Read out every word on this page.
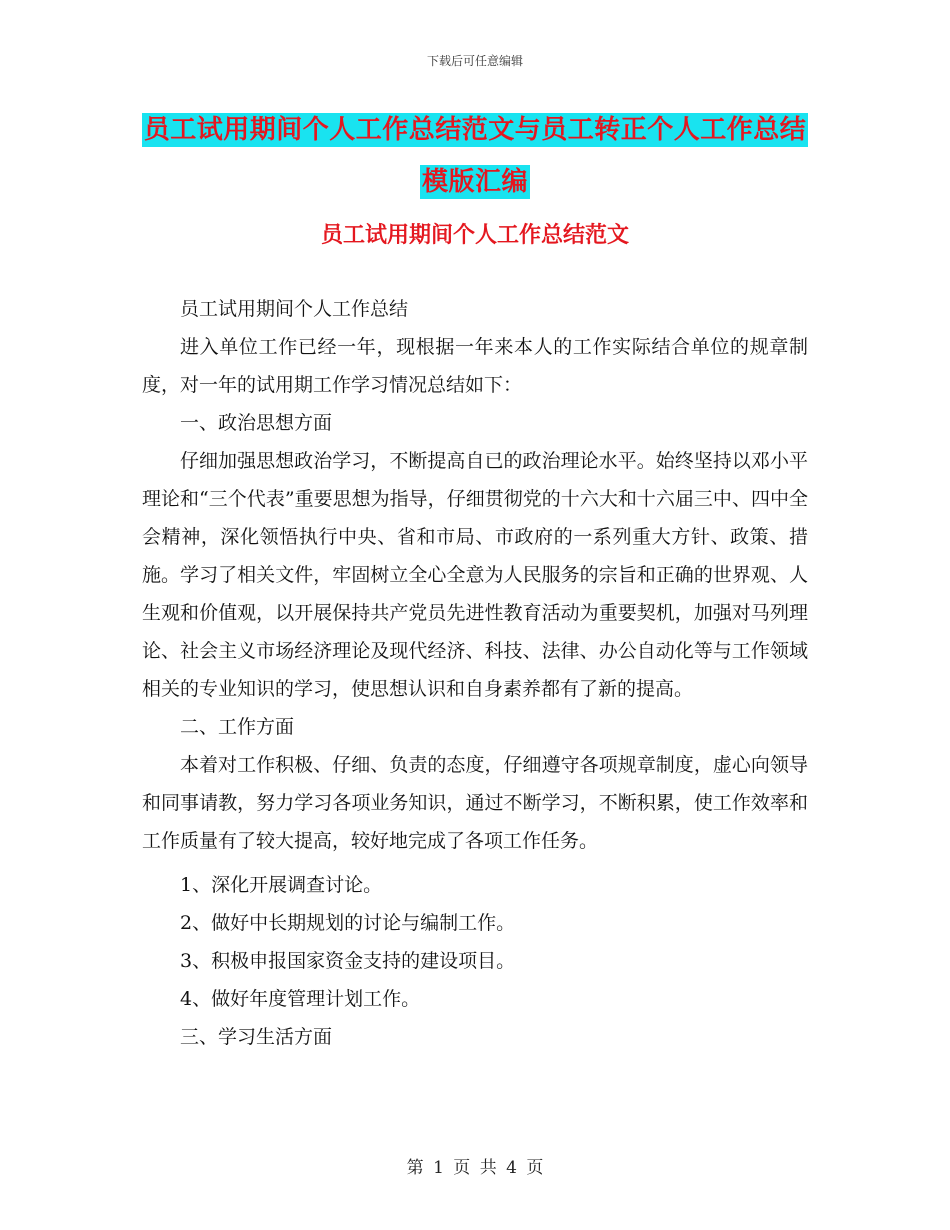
下载后可任意编辑
员工试用期间个人工作总结范文与员工转正个人工作总结模版汇编
员工试用期间个人工作总结范文

员工试用期间个人工作总结

进入单位工作已经一年，现根据一年来本人的工作实际结合单位的规章制度，对一年的试用期工作学习情况总结如下：

一、政治思想方面

仔细加强思想政治学习，不断提高自已的政治理论水平。始终坚持以邓小平理论和“三个代表”重要思想为指导，仔细贯彻党的十六大和十六届三中、四中全会精神，深化领悟执行中央、省和市局、市政府的一系列重大方针、政策、措施。学习了相关文件，牢固树立全心全意为人民服务的宗旨和正确的世界观、人生观和价值观，以开展保持共产党员先进性教育活动为重要契机，加强对马列理论、社会主义市场经济理论及现代经济、科技、法律、办公自动化等与工作领域相关的专业知识的学习，使思想认识和自身素养都有了新的提高。

二、工作方面

本着对工作积极、仔细、负责的态度，仔细遵守各项规章制度，虚心向领导和同事请教，努力学习各项业务知识，通过不断学习，不断积累，使工作效率和工作质量有了较大提高，较好地完成了各项工作任务。

1、深化开展调查讨论。

2、做好中长期规划的讨论与编制工作。

3、积极申报国家资金支持的建设项目。

4、做好年度管理计划工作。

三、学习生活方面

第 1 页 共 4 页
